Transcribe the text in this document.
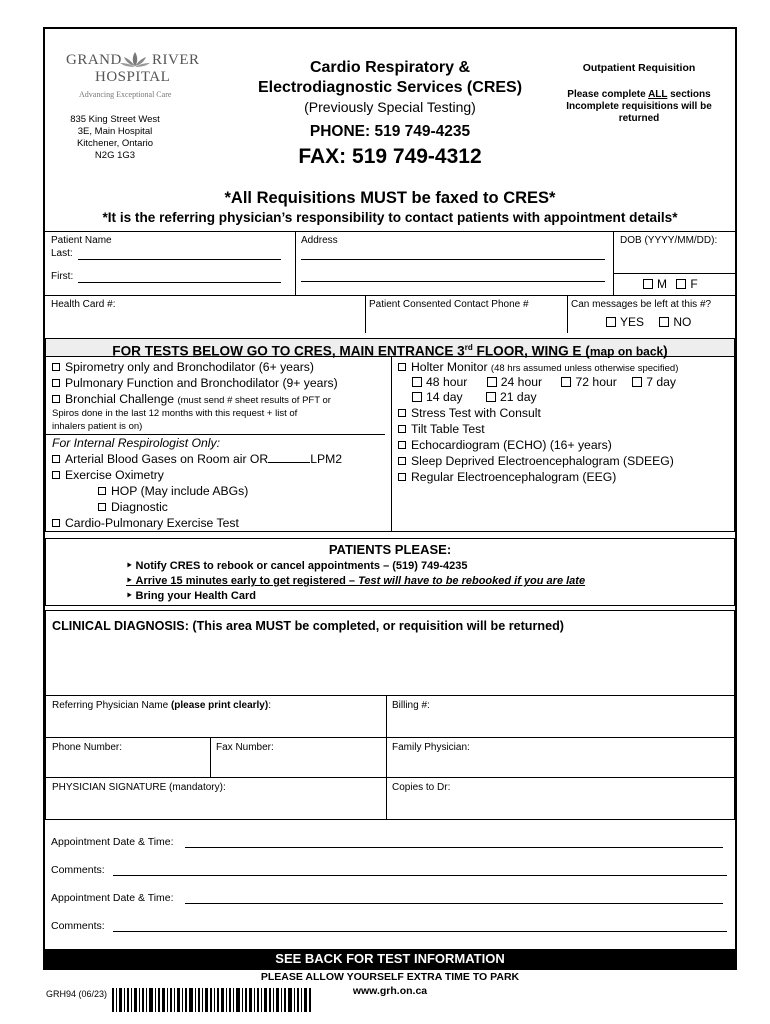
GRAND RIVER
HOSPITAL
Advancing Exceptional Care
835 King Street West
3E, Main Hospital
Kitchener, Ontario
N2G 1G3
Cardio Respiratory &
Electrodiagnostic Services (CRES)
(Previously Special Testing)
PHONE: 519 749-4235
FAX: 519 749-4312
Outpatient Requisition
Please complete ALL sections
Incomplete requisitions will be
returned
*All Requisitions MUST be faxed to CRES*
*It is the referring physician’s responsibility to contact patients with appointment details*
Patient Name
Last:
First:
Address	DOB (YYYY/MM/DD):
M F
Health Card #:	Patient Consented Contact Phone #	Can messages be left at this #?
YES NO
FOR TESTS BELOW GO TO CRES, MAIN ENTRANCE 3rd FLOOR, WING E (map on back)
Spirometry only and Bronchodilator (6+ years)
Pulmonary Function and Bronchodilator (9+ years)
Bronchial Challenge (must send # sheet results of PFT or
Spiros done in the last 12 months with this request + list of
inhalers patient is on)
For Internal Respirologist Only:
Arterial Blood Gases on Room air OR	LPM2
Exercise Oximetry
HOP (May include ABGs)
Diagnostic
Cardio-Pulmonary Exercise Test
Holter Monitor (48 hrs assumed unless otherwise specified)
48 hour	24 hour	72 hour 7 day
14 day	21 day
Stress Test with Consult
Tilt Table Test
Echocardiogram (ECHO) (16+ years)
Sleep Deprived Electroencephalogram (SDEEG)
Regular Electroencephalogram (EEG)
PATIENTS PLEASE:
‣ Notify CRES to rebook or cancel appointments – (519) 749-4235
‣ Arrive 15 minutes early to get registered – Test will have to be rebooked if you are late
‣ Bring your Health Card
CLINICAL DIAGNOSIS: (This area MUST be completed, or requisition will be returned)
Referring Physician Name (please print clearly):	Billing #:
Phone Number:	Fax Number:	Family Physician:
PHYSICIAN SIGNATURE (mandatory):	Copies to Dr:
Appointment Date & Time:
Comments:
Appointment Date & Time:
Comments:
SEE BACK FOR TEST INFORMATION
PLEASE ALLOW YOURSELF EXTRA TIME TO PARK
www.grh.on.ca
GRH94 (06/23)
